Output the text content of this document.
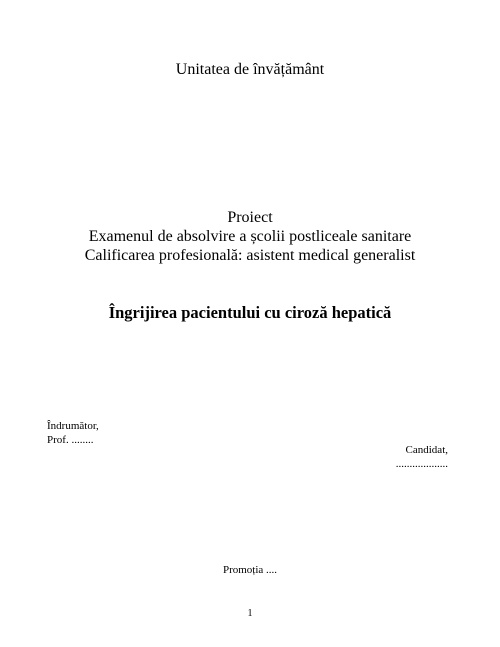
Unitatea de învățământ
Proiect
Examenul de absolvire a școlii postliceale sanitare
Calificarea profesională: asistent medical generalist
Îngrijirea pacientului cu ciroză hepatică
Îndrumător,
Prof. ........
Candidat,
...................
Promoția ....
1
